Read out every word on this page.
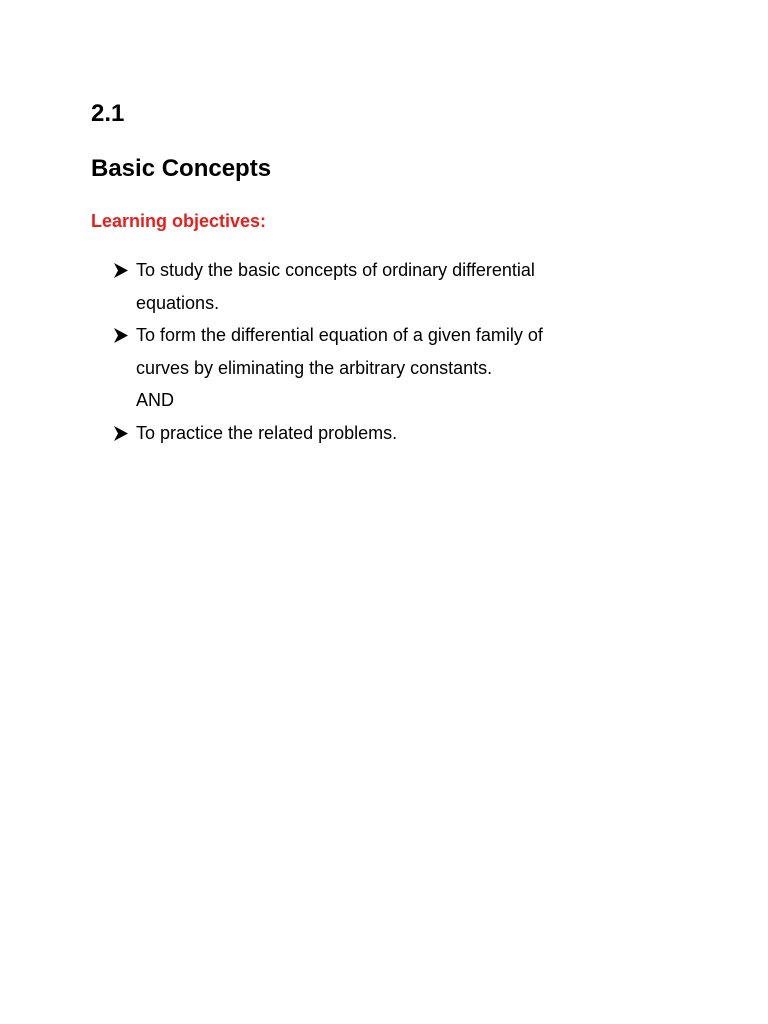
2.1
Basic Concepts
Learning objectives:
To study the basic concepts of ordinary differential
equations.
To form the differential equation of a given family of
curves by eliminating the arbitrary constants.
AND
To practice the related problems.
